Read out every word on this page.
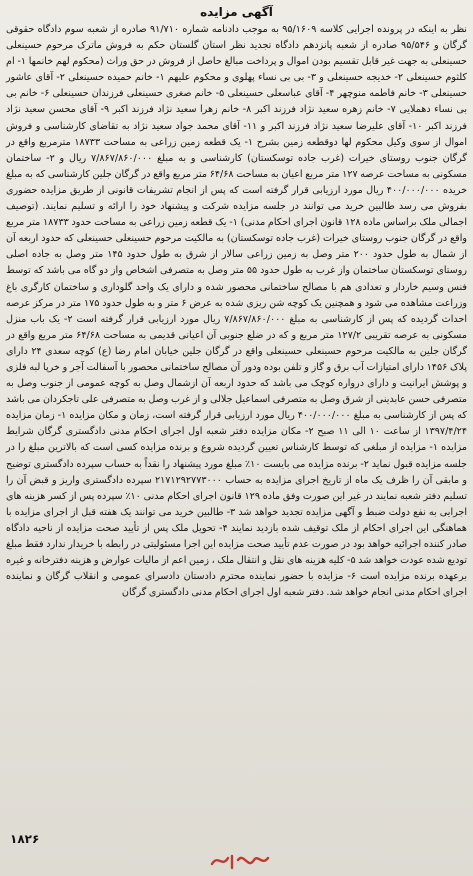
آگهی مزایده

نظر به اینکه در پرونده اجرایی کلاسه ۹۵/۱۶۰۹ به موجب دادنامه شماره ۹۱/۷۱۰ صادره از شعبه سوم دادگاه حقوقی گرگان و ۹۵/۵۴۶ صادره از شعبه پانزدهم دادگاه تجدید نظر استان گلستان حکم به فروش ماترک مرحوم حسینعلی حسینعلی به جهت غیر قابل تقسیم بودن اموال و پرداخت مبالغ حاصل از فروش در حق وراث (محکوم لهم خانمها ۱- ام کلثوم حسینعلی ۲- خدیجه حسینعلی و ۳- بی بی نساء پهلوی و محکوم علیهم ۱- خانم حمیده حسینعلی ۲- آقای عاشور حسینعلی ۳- خانم فاطمه منوچهر ۴- آقای عباسعلی حسینعلی ۵- خانم صغری حسینعلی فرزندان حسینعلی ۶- خانم بی بی نساء دهملایی ۷- خانم زهره سعید نژاد فرزند اکبر ۸- خانم زهرا سعید نژاد فرزند اکبر ۹- آقای محسن سعید نژاد فرزند اکبر ۱۰- آقای علیرضا سعید نژاد فرزند اکبر و ۱۱- آقای محمد جواد سعید نژاد به تقاضای کارشناسی و فروش اموال از سوی وکیل محکوم لها دوقطعه زمین بشرح ۱- یک قطعه زمین زراعی به مساحت ۱۸۷۳۳ مترمربع واقع در گرگان جنوب روستای خیرات (غرب جاده توسکستان) کارشناسی و به مبلغ ۷/۸۶۷/۸۶۰/۰۰۰ ریال و ۲- ساختمان مسکونی به مساحت عرصه ۱۲۷ متر مربع اعیان به مساحت ۶۴/۶۸ متر مربع واقع در گرگان جلین کارشناسی که به مبلغ خریده ۴۰۰/۰۰۰/۰۰۰ ریال مورد ارزیابی قرار گرفته است که پس از انجام تشریفات قانونی از طریق مزایده حضوری بفروش می رسد طالبین خرید می توانند در جلسه مزایده شرکت و پیشنهاد خود را ارائه و تسلیم نمایند. (توصیف اجمالی ملک براساس ماده ۱۲۸ قانون اجرای احکام مدنی) ۱- یک قطعه زمین زراعی به مساحت حدود ۱۸۷۳۳ متر مربع واقع در گرگان جنوب روستای خیرات (غرب جاده توسکستان) به مالکیت مرحوم حسینعلی حسینعلی که حدود اربعه آن از شمال به طول حدود ۲۰۰ متر وصل به زمین زراعی سالار از شرق به طول حدود ۱۴۵ متر وصل به جاده اصلی روستای توسکستان ساختمان واز غرب به طول حدود ۵۵ متر وصل به متصرفی اشخاص واز دو گاه می باشد که توسط فنس وسیم خاردار و تعدادی هم با مصالح ساختمانی محصور شده و دارای یک واحد گلوداری و ساختمان کارگری باغ وزراعت مشاهده می شود و همچنین یک کوچه شن ریزی شده به عرض ۶ متر و به طول حدود ۱۷۵ متر در مرکز عرصه احداث گردیده که پس از کارشناسی به مبلغ ۷/۸۶۷/۸۶۰/۰۰۰ ریال مورد ارزیابی قرار گرفته است ۲- یک باب منزل مسکونی به عرصه تقریبی ۱۲۷/۲ متر مربع و که در ضلع جنوبی آن اعیانی قدیمی به مساحت ۶۴/۶۸ متر مربع واقع در گرگان جلین به مالکیت مرحوم حسینعلی حسینعلی واقع در گرگان جلین خیابان امام رضا (ع) کوچه سعدی ۲۴ دارای پلاک ۱۴۵۶ دارای امتیازات آب برق و گاز و تلفن بوده ودور آن مصالح ساختمانی محصور با آسفالت آجر و خرپا لبه فلزی و پوشش ایرانیت و دارای درواره کوچک می باشد که حدود اربعه آن ازشمال وصل به کوچه عمومی از جنوب وصل به متصرفی حسن عابدینی از شرق وصل به متصرفی اسماعیل جلالی و از غرب وصل به متصرفی علی تاجکردان می باشد که پس از کارشناسی به مبلغ ۴۰۰/۰۰۰/۰۰۰ ریال مورد ارزیابی قرار گرفته است، زمان و مکان مزایده ۱- زمان مزایده ۱۳۹۷/۴/۲۴ از ساعت ۱۰ الی ۱۱ صبح ۲- مکان مزایده دفتر شعبه اول اجرای احکام مدنی دادگستری گرگان شرایط مزایده ۱- مزایده از مبلغی که توسط کارشناس تعیین گردیده شروع و برنده مزایده کسی است که بالاترین مبلغ را در جلسه مزایده قبول نماید ۲- برنده مزایده می بایست ۱۰٪ مبلغ مورد پیشنهاد را نقداً به حساب سپرده دادگستری توضیح و مابقی آن را ظرف یک ماه از تاریخ اجرای مزایده به حساب ۲۱۷۱۲۹۲۷۷۳۰۰۰ سپرده دادگستری واریز و قبض آن را تسلیم دفتر شعبه نمایند در غیر این صورت وفق ماده ۱۲۹ قانون اجرای احکام مدنی ۱۰٪ سپرده پس از کسر هزینه های اجرایی به نفع دولت ضبط و آگهی مزایده تجدید خواهد شد ۳- طالبین خرید می توانند یک هفته قبل از اجرای مزایده با هماهنگی این اجرای احکام از ملک توقیف شده بازدید نمایند ۴- تحویل ملک پس از تأیید صحت مزایده از ناحیه دادگاه صادر کننده اجرائیه خواهد بود در صورت عدم تأیید صحت مزایده این اجرا مسئولیتی در رابطه با خریدار ندارد فقط مبلغ تودیع شده عودت خواهد شد ۵- کلیه هزینه های نقل و انتقال ملک ، زمین اعم از مالیات عوارض و هزینه دفترخانه و غیره برعهده برنده مزایده است ۶- مزایده با حضور نماینده محترم دادستان دادسرای عمومی و انقلاب گرگان و نماینده اجرای احکام مدنی انجام خواهد شد. دفتر شعبه اول اجرای احکام مدنی دادگستری گرگان

۱۸۲۶
